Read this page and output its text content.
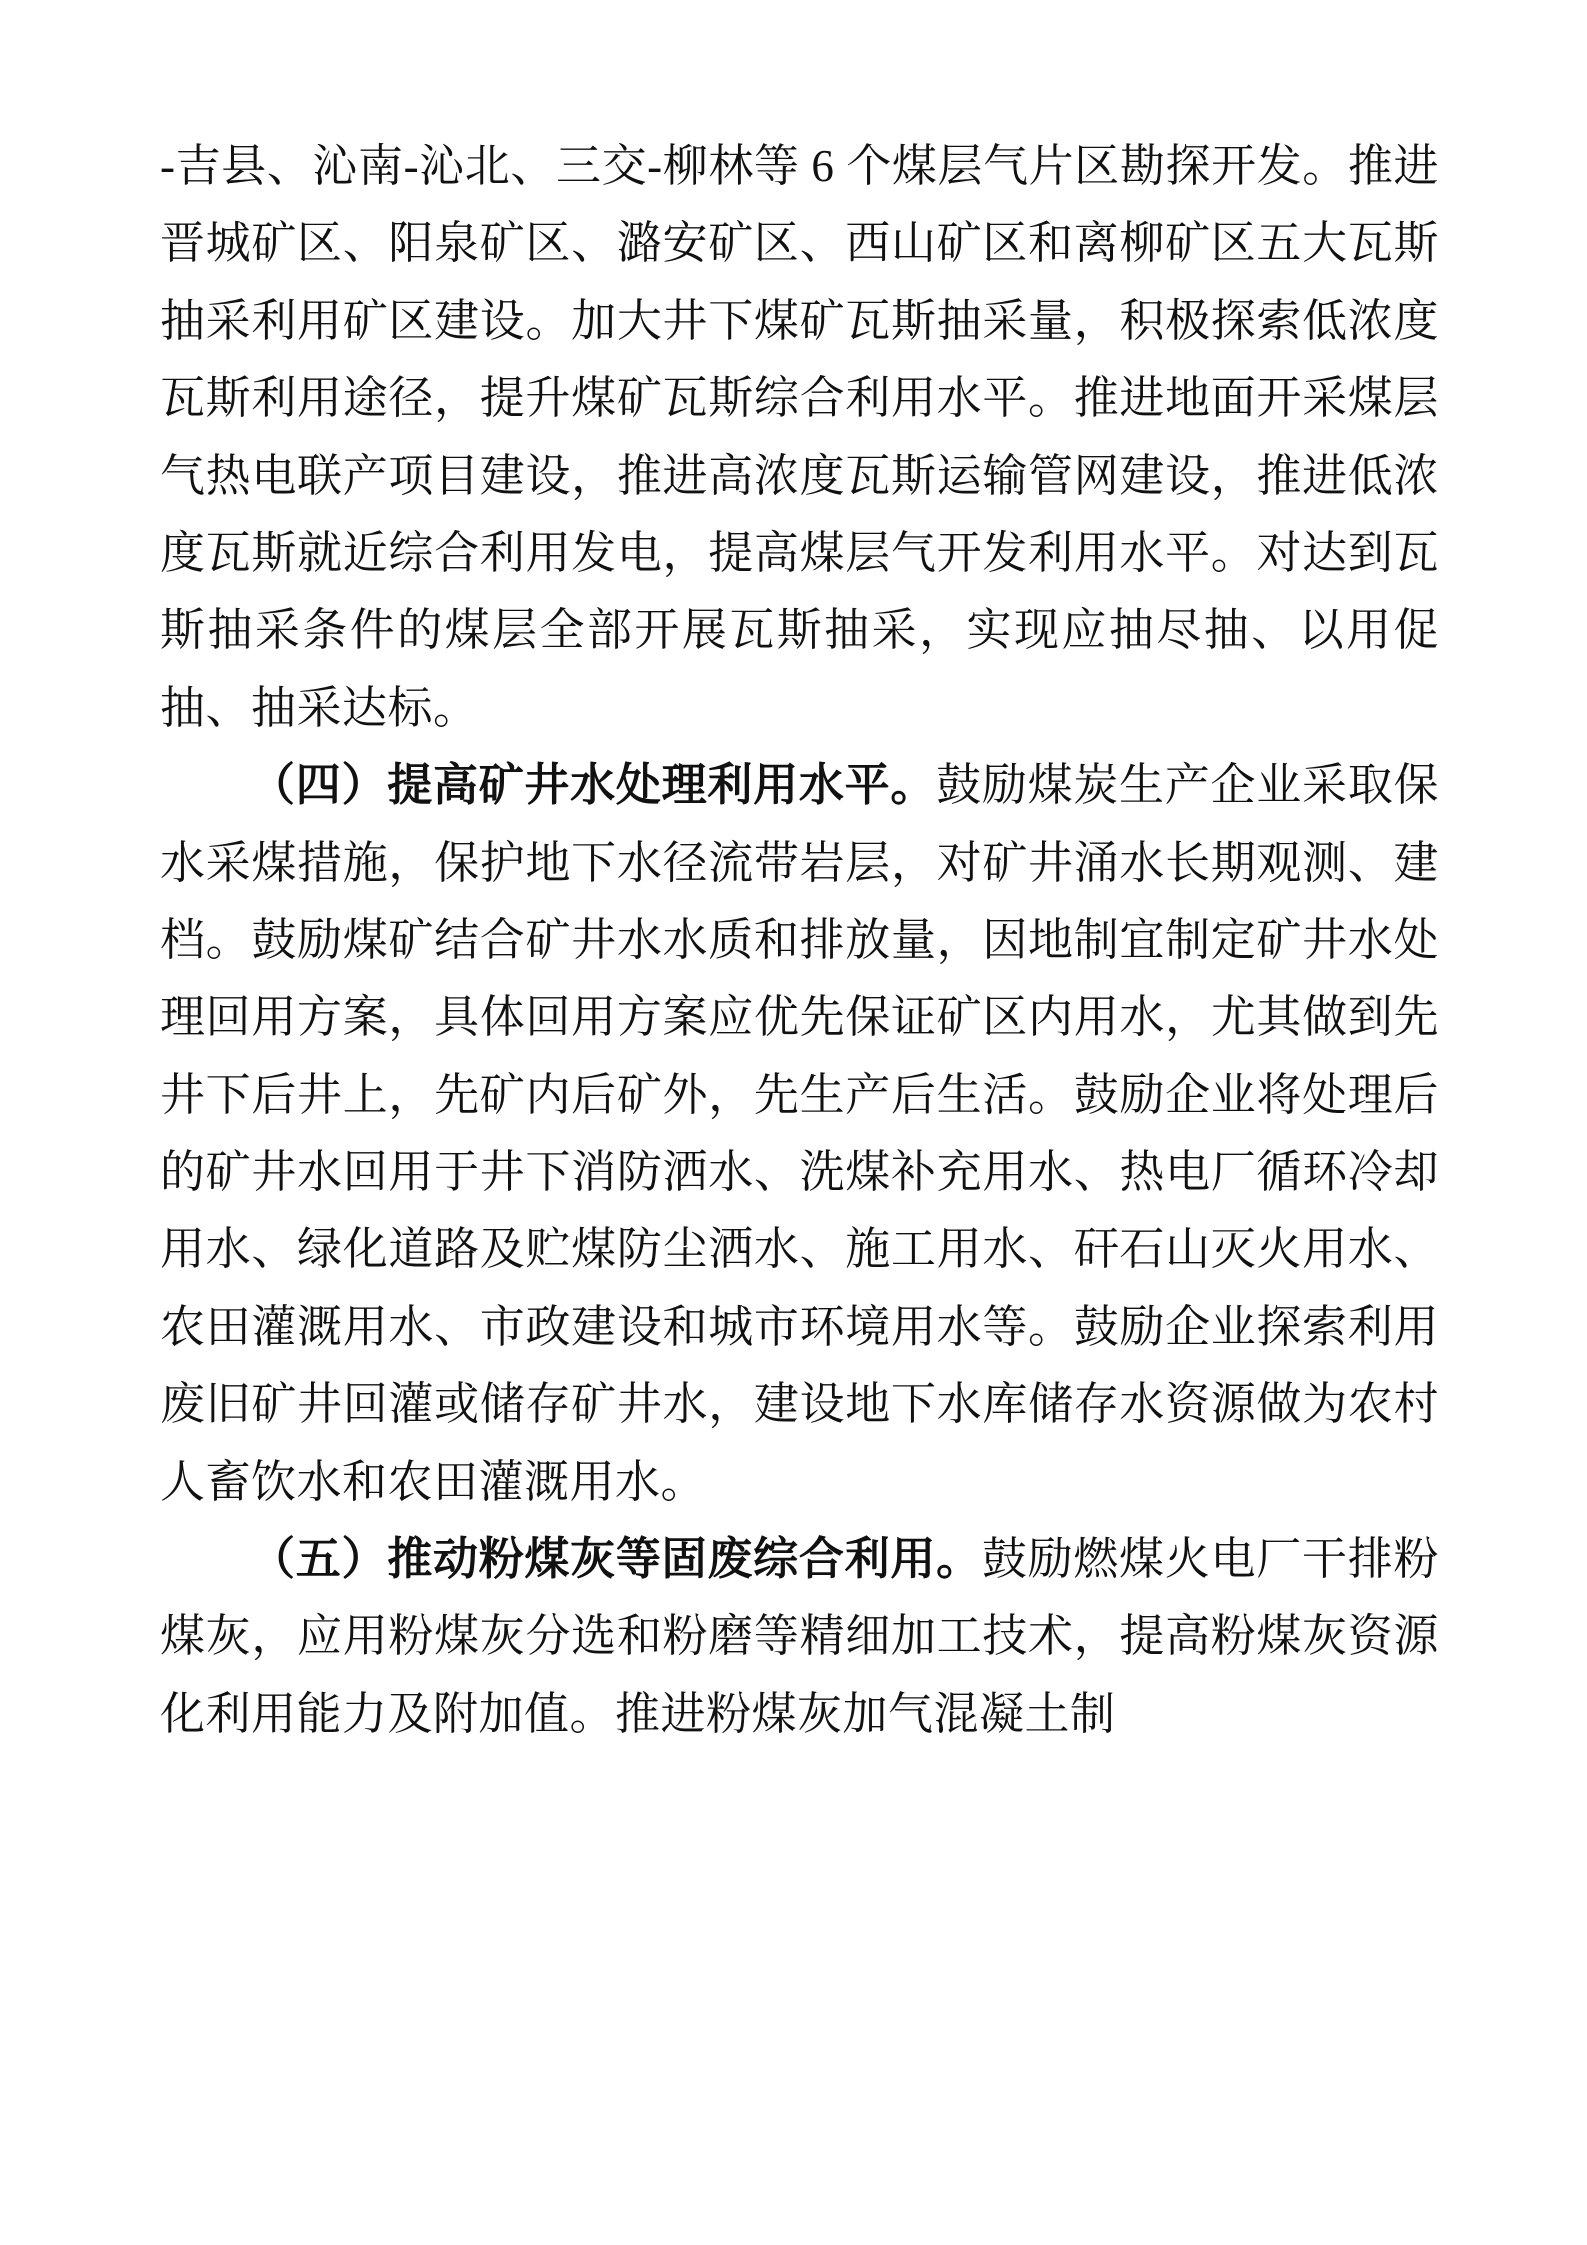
-吉县、沁南-沁北、三交-柳林等 6 个煤层气片区勘探开发。推进晋城矿区、阳泉矿区、潞安矿区、西山矿区和离柳矿区五大瓦斯抽采利用矿区建设。加大井下煤矿瓦斯抽采量，积极探索低浓度瓦斯利用途径，提升煤矿瓦斯综合利用水平。推进地面开采煤层气热电联产项目建设，推进高浓度瓦斯运输管网建设，推进低浓度瓦斯就近综合利用发电，提高煤层气开发利用水平。对达到瓦斯抽采条件的煤层全部开展瓦斯抽采，实现应抽尽抽、以用促抽、抽采达标。

（四）提高矿井水处理利用水平。鼓励煤炭生产企业采取保水采煤措施，保护地下水径流带岩层，对矿井涌水长期观测、建档。鼓励煤矿结合矿井水水质和排放量，因地制宜制定矿井水处理回用方案，具体回用方案应优先保证矿区内用水，尤其做到先井下后井上，先矿内后矿外，先生产后生活。鼓励企业将处理后的矿井水回用于井下消防洒水、洗煤补充用水、热电厂循环冷却用水、绿化道路及贮煤防尘洒水、施工用水、矸石山灭火用水、农田灌溉用水、市政建设和城市环境用水等。鼓励企业探索利用废旧矿井回灌或储存矿井水，建设地下水库储存水资源做为农村人畜饮水和农田灌溉用水。

（五）推动粉煤灰等固废综合利用。鼓励燃煤火电厂干排粉煤灰，应用粉煤灰分选和粉磨等精细加工技术，提高粉煤灰资源化利用能力及附加值。推进粉煤灰加气混凝土制
